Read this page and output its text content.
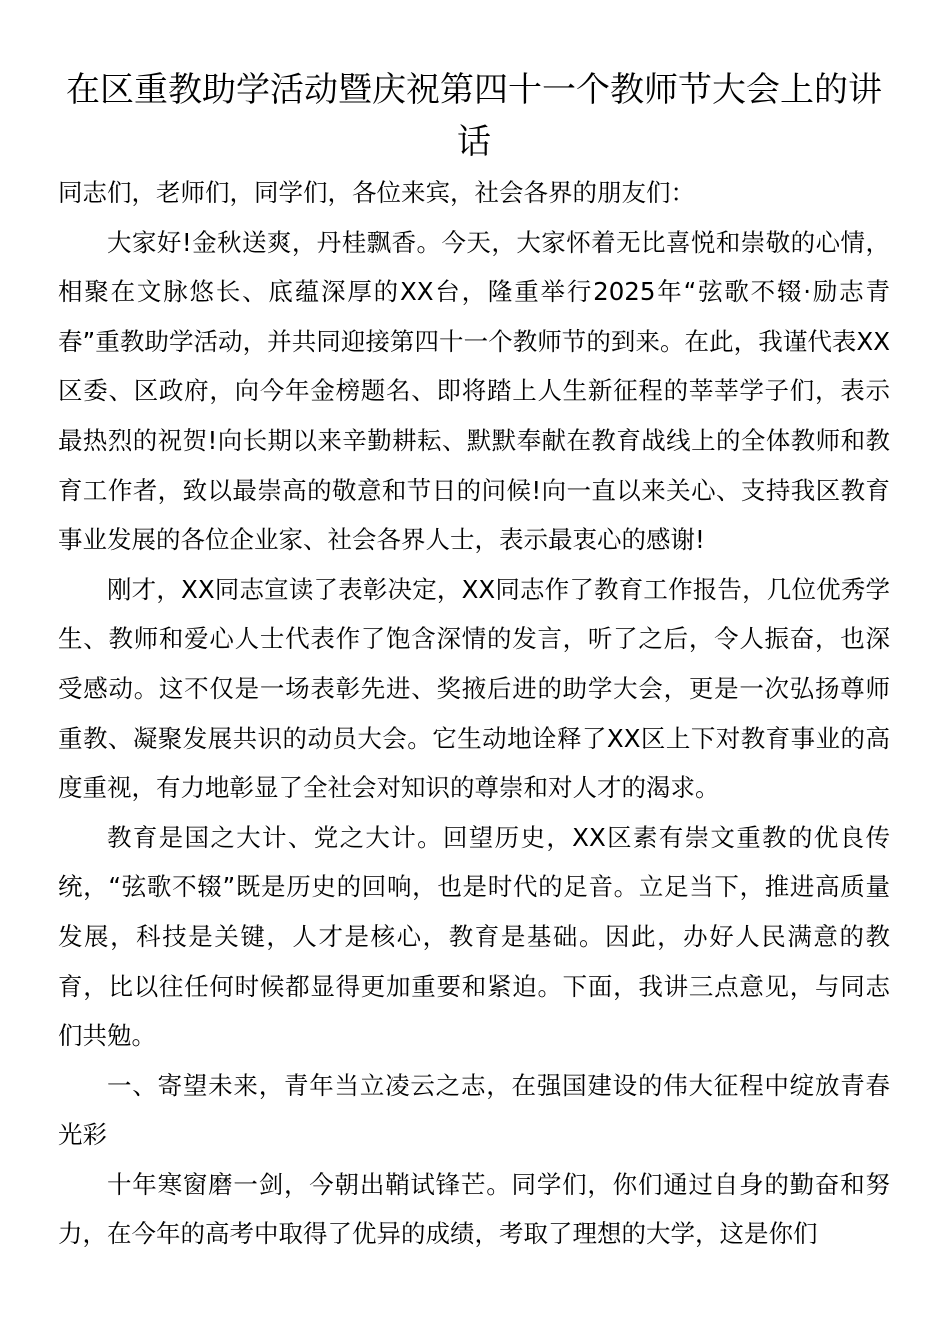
在区重教助学活动暨庆祝第四十一个教师节大会上的讲话

同志们，老师们，同学们，各位来宾，社会各界的朋友们：

大家好!金秋送爽，丹桂飘香。今天，大家怀着无比喜悦和崇敬的心情，相聚在文脉悠长、底蕴深厚的XX台，隆重举行2025年“弦歌不辍·励志青春”重教助学活动，并共同迎接第四十一个教师节的到来。在此，我谨代表XX区委、区政府，向今年金榜题名、即将踏上人生新征程的莘莘学子们，表示最热烈的祝贺!向长期以来辛勤耕耘、默默奉献在教育战线上的全体教师和教育工作者，致以最崇高的敬意和节日的问候!向一直以来关心、支持我区教育事业发展的各位企业家、社会各界人士，表示最衷心的感谢!

刚才，XX同志宣读了表彰决定，XX同志作了教育工作报告，几位优秀学生、教师和爱心人士代表作了饱含深情的发言，听了之后，令人振奋，也深受感动。这不仅是一场表彰先进、奖掖后进的助学大会，更是一次弘扬尊师重教、凝聚发展共识的动员大会。它生动地诠释了XX区上下对教育事业的高度重视，有力地彰显了全社会对知识的尊崇和对人才的渴求。

教育是国之大计、党之大计。回望历史，XX区素有崇文重教的优良传统，“弦歌不辍”既是历史的回响，也是时代的足音。立足当下，推进高质量发展，科技是关键，人才是核心，教育是基础。因此，办好人民满意的教育，比以往任何时候都显得更加重要和紧迫。下面，我讲三点意见，与同志们共勉。

一、寄望未来，青年当立凌云之志，在强国建设的伟大征程中绽放青春光彩

十年寒窗磨一剑，今朝出鞘试锋芒。同学们，你们通过自身的勤奋和努力，在今年的高考中取得了优异的成绩，考取了理想的大学，这是你们
